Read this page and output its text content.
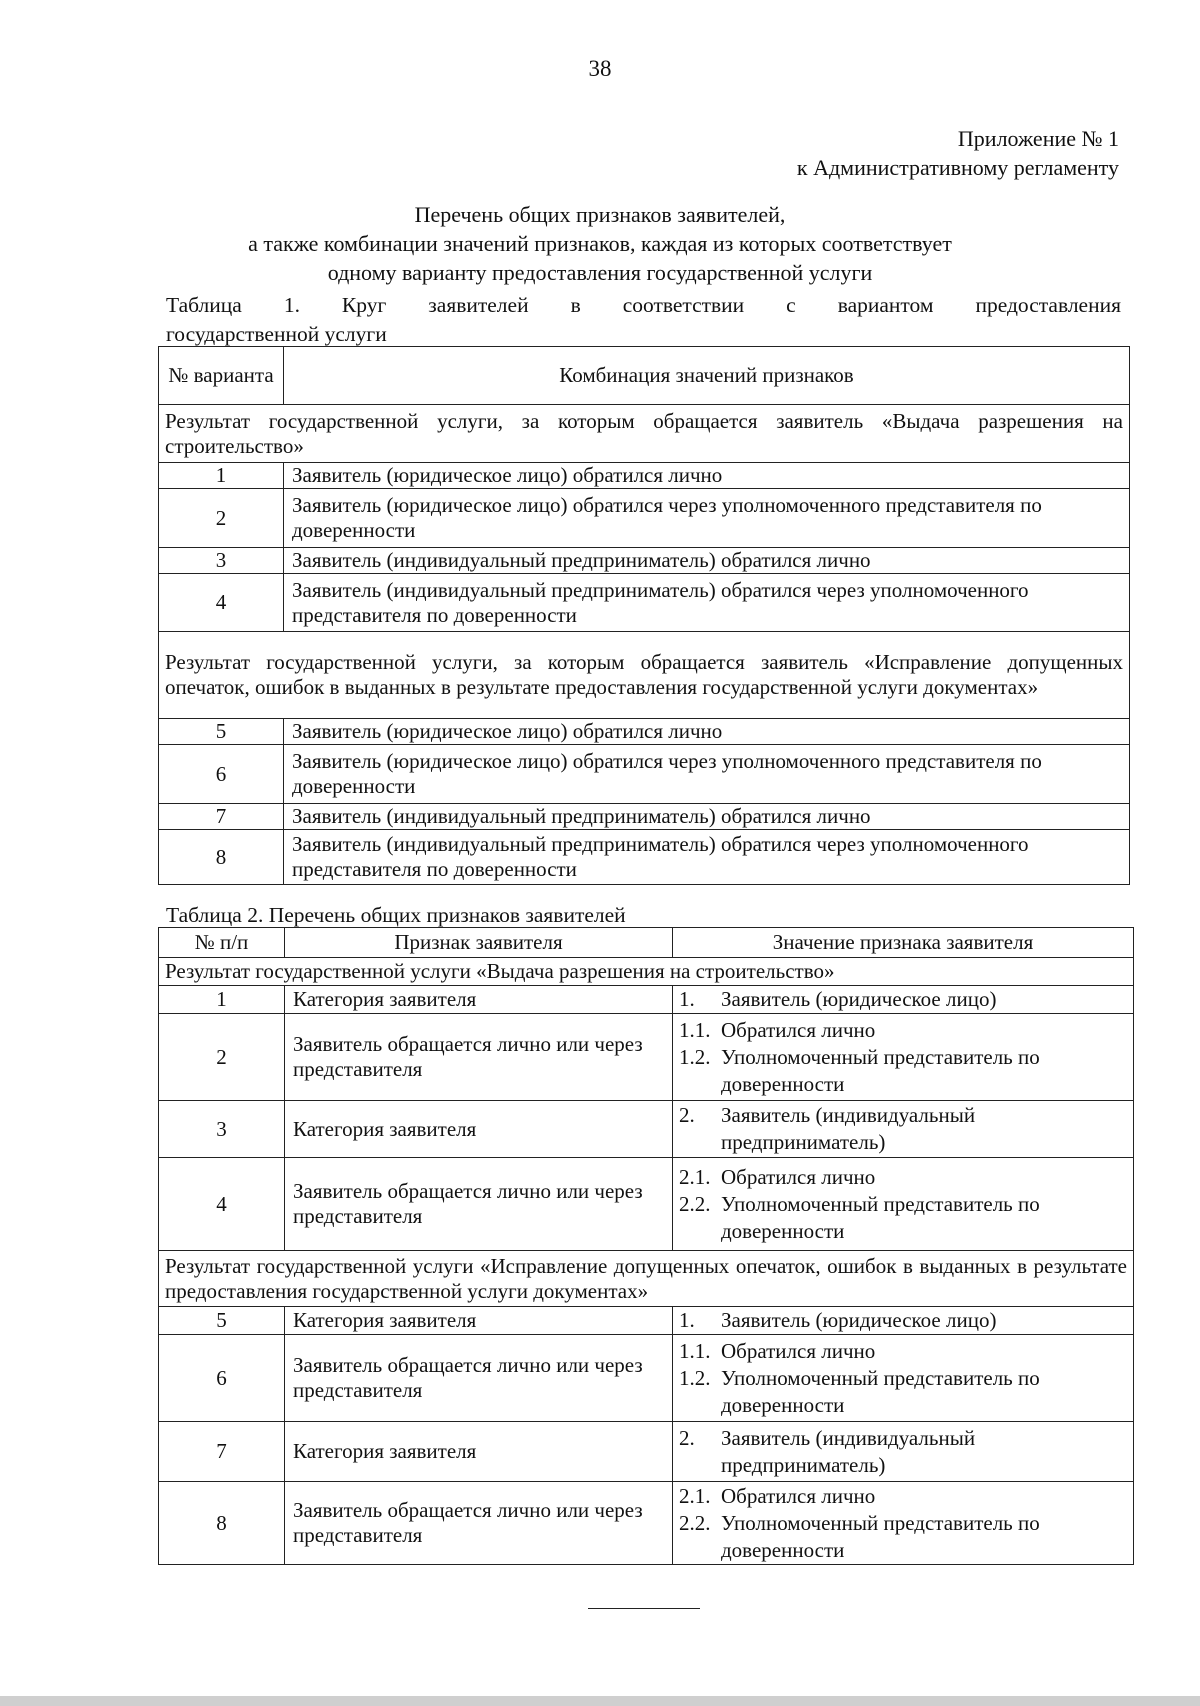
38
Приложение № 1
к Административному регламенту
Перечень общих признаков заявителей,
а также комбинации значений признаков, каждая из которых соответствует
одному варианту предоставления государственной услуги
Таблица 1. Круг заявителей в соответствии с вариантом предоставления
государственной услуги
№ варианта	Комбинация значений признаков
Результат государственной услуги, за которым обращается заявитель «Выдача разрешения на строительство»	
1	Заявитель (юридическое лицо) обратился лично
2	Заявитель (юридическое лицо) обратился через уполномоченного представителя по доверенности
3	Заявитель (индивидуальный предприниматель) обратился лично
4	Заявитель (индивидуальный предприниматель) обратился через уполномоченного представителя по доверенности
Результат государственной услуги, за которым обращается заявитель «Исправление допущенных опечаток, ошибок в выданных в результате предоставления государственной услуги документах»	
5	Заявитель (юридическое лицо) обратился лично
6	Заявитель (юридическое лицо) обратился через уполномоченного представителя по доверенности
7	Заявитель (индивидуальный предприниматель) обратился лично
8	Заявитель (индивидуальный предприниматель) обратился через уполномоченного представителя по доверенности
Таблица 2. Перечень общих признаков заявителей
№ п/п	Признак заявителя	Значение признака заявителя
Результат государственной услуги «Выдача разрешения на строительство»		
1	Категория заявителя	1. Заявитель (юридическое лицо)

2	Заявитель обращается лично или через представителя	1.1. Обратился лично
1.2. Уполномоченный представитель по доверенности

3	Категория заявителя	2. Заявитель (индивидуальный предприниматель)

4	Заявитель обращается лично или через представителя	2.1. Обратился лично
2.2. Уполномоченный представитель по доверенности

Результат государственной услуги «Исправление допущенных опечаток, ошибок в выданных в результате предоставления государственной услуги документах»		
5	Категория заявителя	1. Заявитель (юридическое лицо)

6	Заявитель обращается лично или через представителя	1.1. Обратился лично
1.2. Уполномоченный представитель по доверенности

7	Категория заявителя	2. Заявитель (индивидуальный предприниматель)

8	Заявитель обращается лично или через представителя	2.1. Обратился лично
2.2. Уполномоченный представитель по доверенности
